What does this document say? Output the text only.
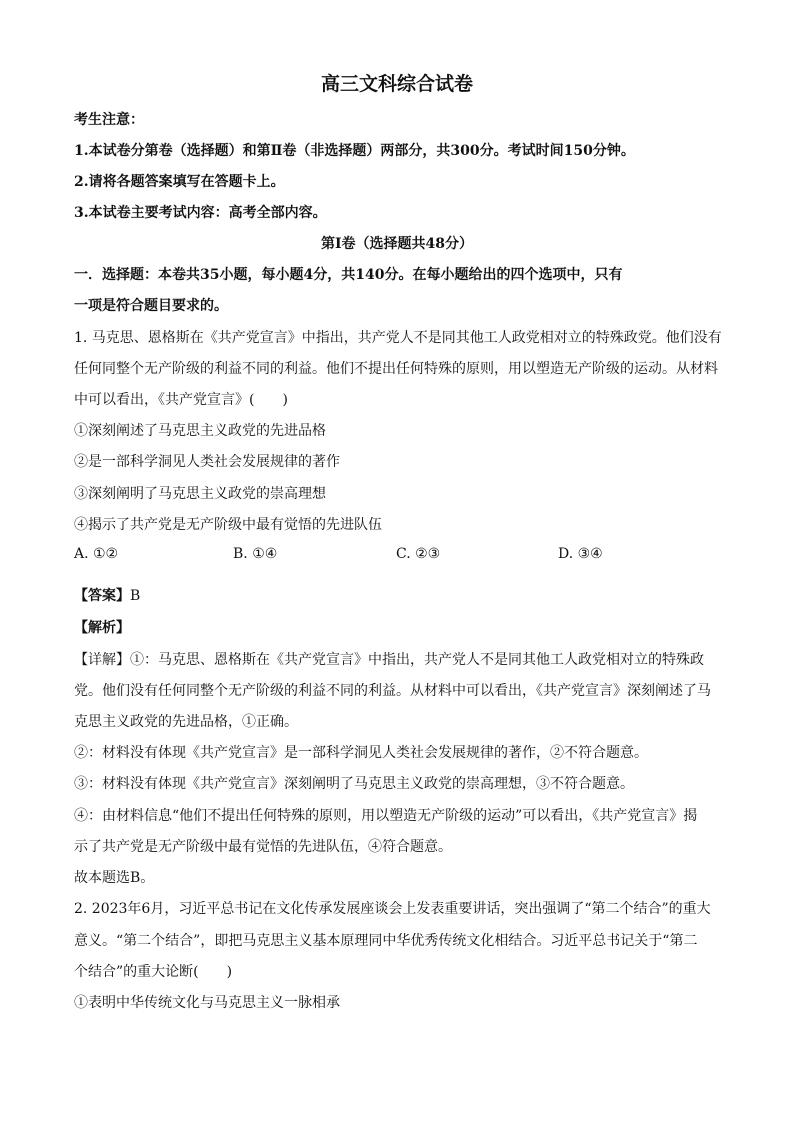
高三文科综合试卷
考生注意：
1.本试卷分第卷（选择题）和第Ⅱ卷（非选择题）两部分，共300分。考试时间150分钟。
2.请将各题答案填写在答题卡上。
3.本试卷主要考试内容：高考全部内容。
第Ⅰ卷（选择题共48分）
一．选择题：本卷共35小题，每小题4分，共140分。在每小题给出的四个选项中，只有
一项是符合题目要求的。
1. 马克思、恩格斯在《共产党宣言》中指出，共产党人不是同其他工人政党相对立的特殊政党。他们没有
任何同整个无产阶级的利益不同的利益。他们不提出任何特殊的原则，用以塑造无产阶级的运动。从材料
中可以看出，《共产党宣言》(　　)
①深刻阐述了马克思主义政党的先进品格
②是一部科学洞见人类社会发展规律的著作
③深刻阐明了马克思主义政党的崇高理想
④揭示了共产党是无产阶级中最有觉悟的先进队伍
A. ①②	B. ①④	C. ②③	D. ③④
【答案】B
【解析】
【详解】①：马克思、恩格斯在《共产党宣言》中指出，共产党人不是同其他工人政党相对立的特殊政
党。他们没有任何同整个无产阶级的利益不同的利益。从材料中可以看出，《共产党宣言》深刻阐述了马
克思主义政党的先进品格，①正确。
②：材料没有体现《共产党宣言》是一部科学洞见人类社会发展规律的著作，②不符合题意。
③：材料没有体现《共产党宣言》深刻阐明了马克思主义政党的崇高理想，③不符合题意。
④：由材料信息“他们不提出任何特殊的原则，用以塑造无产阶级的运动”可以看出，《共产党宣言》揭
示了共产党是无产阶级中最有觉悟的先进队伍，④符合题意。
故本题选B。
2. 2023年6月，习近平总书记在文化传承发展座谈会上发表重要讲话，突出强调了“第二个结合”的重大
意义。“第二个结合”，即把马克思主义基本原理同中华优秀传统文化相结合。习近平总书记关于“第二
个结合”的重大论断(　　)
①表明中华传统文化与马克思主义一脉相承
